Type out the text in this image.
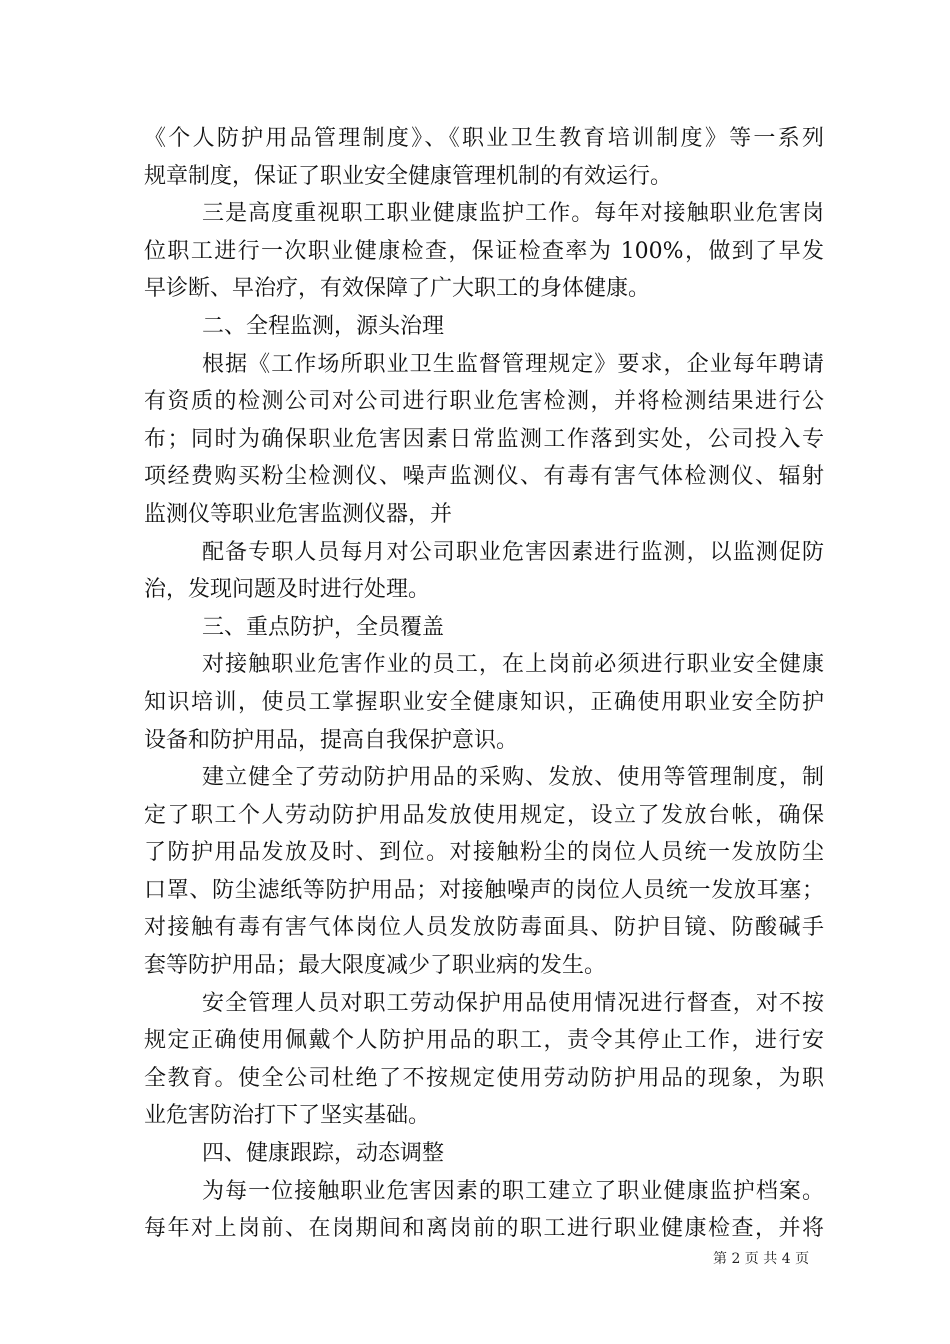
《个人防护用品管理制度》、《职业卫生教育培训制度》等一系列
规章制度，保证了职业安全健康管理机制的有效运行。
三是高度重视职工职业健康监护工作。每年对接触职业危害岗
位职工进行一次职业健康检查，保证检查率为 100%，做到了早发
早诊断、早治疗，有效保障了广大职工的身体健康。
二、全程监测，源头治理
根据《工作场所职业卫生监督管理规定》要求，企业每年聘请
有资质的检测公司对公司进行职业危害检测，并将检测结果进行公
布；同时为确保职业危害因素日常监测工作落到实处，公司投入专
项经费购买粉尘检测仪、噪声监测仪、有毒有害气体检测仪、辐射
监测仪等职业危害监测仪器，并
配备专职人员每月对公司职业危害因素进行监测，以监测促防
治，发现问题及时进行处理。
三、重点防护，全员覆盖
对接触职业危害作业的员工，在上岗前必须进行职业安全健康
知识培训，使员工掌握职业安全健康知识，正确使用职业安全防护
设备和防护用品，提高自我保护意识。
建立健全了劳动防护用品的采购、发放、使用等管理制度，制
定了职工个人劳动防护用品发放使用规定，设立了发放台帐，确保
了防护用品发放及时、到位。对接触粉尘的岗位人员统一发放防尘
口罩、防尘滤纸等防护用品；对接触噪声的岗位人员统一发放耳塞；
对接触有毒有害气体岗位人员发放防毒面具、防护目镜、防酸碱手
套等防护用品；最大限度减少了职业病的发生。
安全管理人员对职工劳动保护用品使用情况进行督查，对不按
规定正确使用佩戴个人防护用品的职工，责令其停止工作，进行安
全教育。使全公司杜绝了不按规定使用劳动防护用品的现象，为职
业危害防治打下了坚实基础。
四、健康跟踪，动态调整
为每一位接触职业危害因素的职工建立了职业健康监护档案。
每年对上岗前、在岗期间和离岗前的职工进行职业健康检查，并将
第 2 页 共 4 页
